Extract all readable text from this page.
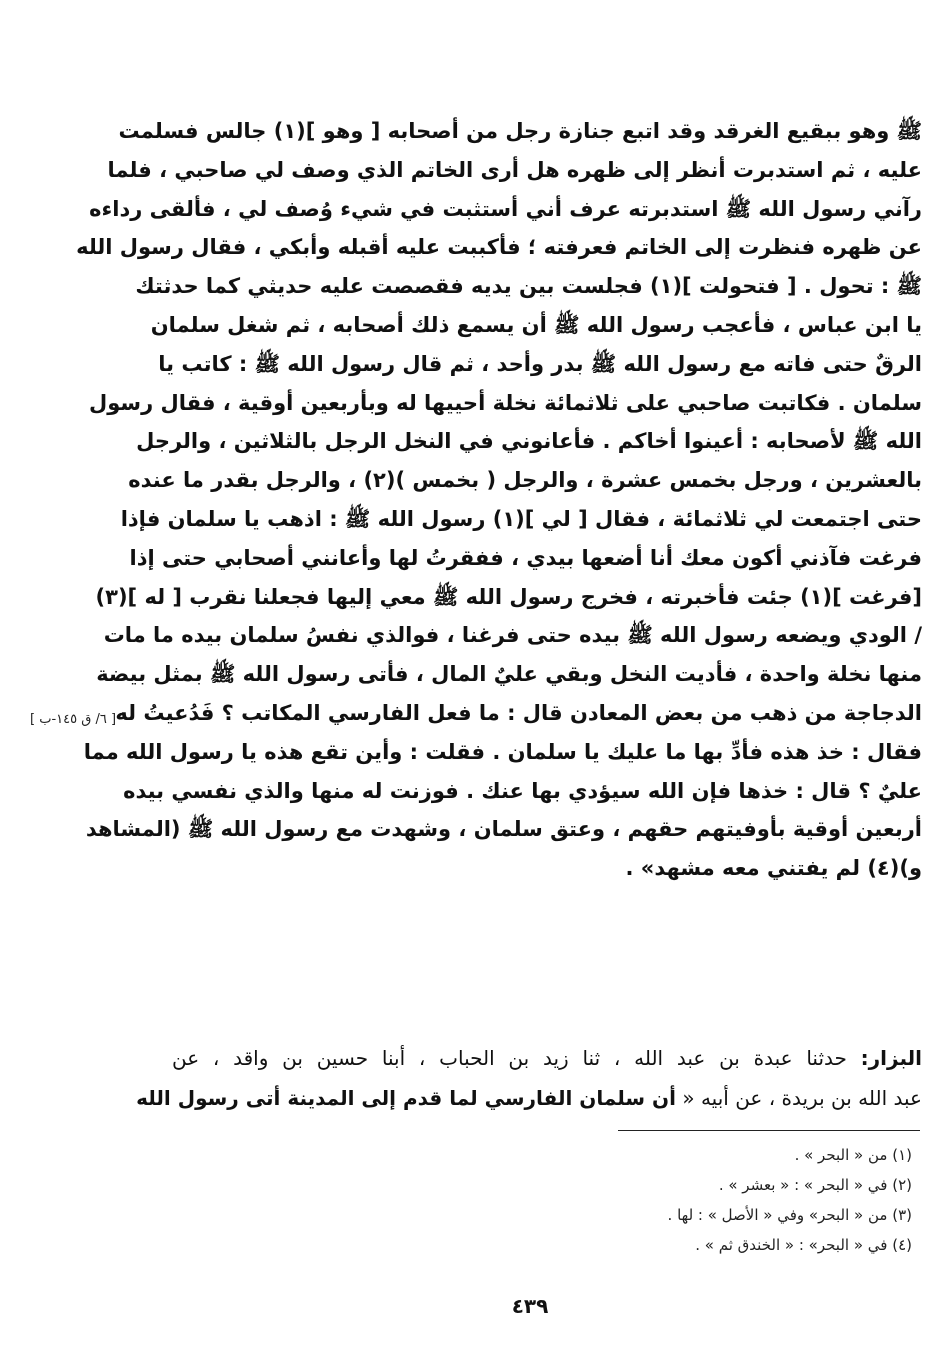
ﷺ وهو ببقيع الغرقد وقد اتبع جنازة رجل من أصحابه [ وهو ](١) جالس فسلمت
عليه ، ثم استدبرت أنظر إلى ظهره هل أرى الخاتم الذي وصف لي صاحبي ، فلما
رآني رسول الله ﷺ استدبرته عرف أني أستثبت في شيء وُصف لي ، فألقى رداءه
عن ظهره فنظرت إلى الخاتم فعرفته ؛ فأكببت عليه أقبله وأبكي ، فقال رسول الله
ﷺ : تحول . [ فتحولت ](١) فجلست بين يديه فقصصت عليه حديثي كما حدثتك
يا ابن عباس ، فأعجب رسول الله ﷺ أن يسمع ذلك أصحابه ، ثم شغل سلمان
الرقٌ حتى فاته مع رسول الله ﷺ بدر وأحد ، ثم قال رسول الله ﷺ : كاتب يا
سلمان . فكاتبت صاحبي على ثلاثمائة نخلة أحييها له وبأربعين أوقية ، فقال رسول
الله ﷺ لأصحابه : أعينوا أخاكم . فأعانوني في النخل الرجل بالثلاثين ، والرجل
بالعشرين ، ورجل بخمس عشرة ، والرجل ( بخمس )(٢) ، والرجل بقدر ما عنده
حتى اجتمعت لي ثلاثمائة ، فقال [ لي ](١) رسول الله ﷺ : اذهب يا سلمان فإذا
فرغت فآذني أكون معك أنا أضعها بيدي ، ففقرتُ لها وأعانني أصحابي حتى إذا
[فرغت ](١) جئت فأخبرته ، فخرج رسول الله ﷺ معي إليها فجعلنا نقرب [ له ](٣)
/ الودي ويضعه رسول الله ﷺ بيده حتى فرغنا ، فوالذي نفسُ سلمان بيده ما مات
منها نخلة واحدة ، فأديت النخل وبقي عليٌ المال ، فأتى رسول الله ﷺ بمثل بيضة
الدجاجة من ذهب من بعض المعادن قال : ما فعل الفارسي المكاتب ؟ فَدُعيتُ له
فقال : خذ هذه فأدِّ بها ما عليك يا سلمان . فقلت : وأين تقع هذه يا رسول الله مما
عليٌ ؟ قال : خذها فإن الله سيؤدي بها عنك . فوزنت له منها والذي نفسي بيده
أربعين أوقية بأوفيتهم حقهم ، وعتق سلمان ، وشهدت مع رسول الله ﷺ (المشاهد
و)(٤) لم يفتني معه مشهد» .
[ ٦/ ق ١٤٥-ب ]
البزار: حدثنا عبدة بن عبد الله ، ثنا زيد بن الحباب ، أبنا حسين بن واقد ، عن
عبد الله بن بريدة ، عن أبيه « أن سلمان الفارسي لما قدم إلى المدينة أتى رسول الله
(١) من « البحر » .
(٢) في « البحر » : « بعشر » .
(٣) من « البحر» وفي « الأصل » : لها .
(٤) في « البحر» : « الخندق ثم » .
٤٣٩
